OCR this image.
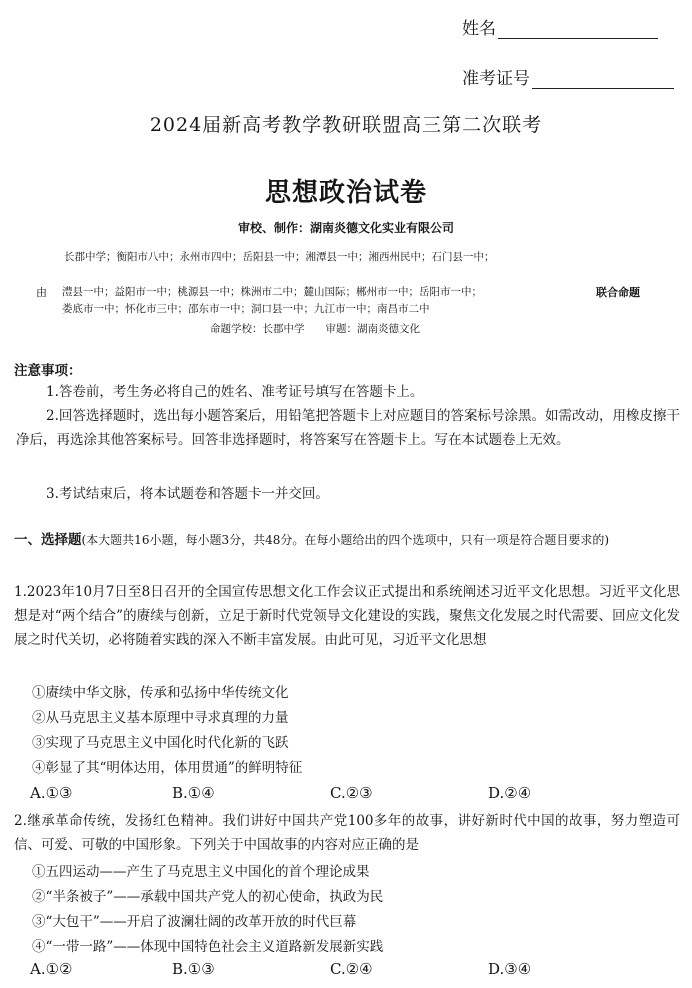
姓名
准考证号
2024届新高考教学教研联盟高三第二次联考
思想政治试卷
审校、制作：湖南炎德文化实业有限公司
长郡中学；衡阳市八中；永州市四中；岳阳县一中；湘潭县一中；湘西州民中；石门县一中；
由 澧县一中；益阳市一中；桃源县一中；株洲市二中；麓山国际；郴州市一中；岳阳市一中；	联合命题
娄底市一中；怀化市三中；邵东市一中；洞口县一中；九江市一中；南昌市二中
命题学校：长郡中学　　审题：湖南炎德文化
注意事项：
1.答卷前，考生务必将自己的姓名、准考证号填写在答题卡上。
2.回答选择题时，选出每小题答案后，用铅笔把答题卡上对应题目的答案标号涂黑。如需改动，用橡皮擦干净后，再选涂其他答案标号。回答非选择题时，将答案写在答题卡上。写在本试题卷上无效。
3.考试结束后，将本试题卷和答题卡一并交回。
一、选择题(本大题共16小题，每小题3分，共48分。在每小题给出的四个选项中，只有一项是符合题目要求的)
1.2023年10月7日至8日召开的全国宣传思想文化工作会议正式提出和系统阐述习近平文化思想。习近平文化思想是对“两个结合”的赓续与创新，立足于新时代党领导文化建设的实践，聚焦文化发展之时代需要、回应文化发展之时代关切，必将随着实践的深入不断丰富发展。由此可见，习近平文化思想
①赓续中华文脉，传承和弘扬中华传统文化
②从马克思主义基本原理中寻求真理的力量
③实现了马克思主义中国化时代化新的飞跃
④彰显了其“明体达用，体用贯通”的鲜明特征
A.①③	B.①④	C.②③	D.②④
2.继承革命传统，发扬红色精神。我们讲好中国共产党100多年的故事，讲好新时代中国的故事，努力塑造可信、可爱、可敬的中国形象。下列关于中国故事的内容对应正确的是
①五四运动——产生了马克思主义中国化的首个理论成果
②“半条被子”——承载中国共产党人的初心使命，执政为民
③“大包干”——开启了波澜壮阔的改革开放的时代巨幕
④“一带一路”——体现中国特色社会主义道路新发展新实践
A.①②	B.①③	C.②④	D.③④
